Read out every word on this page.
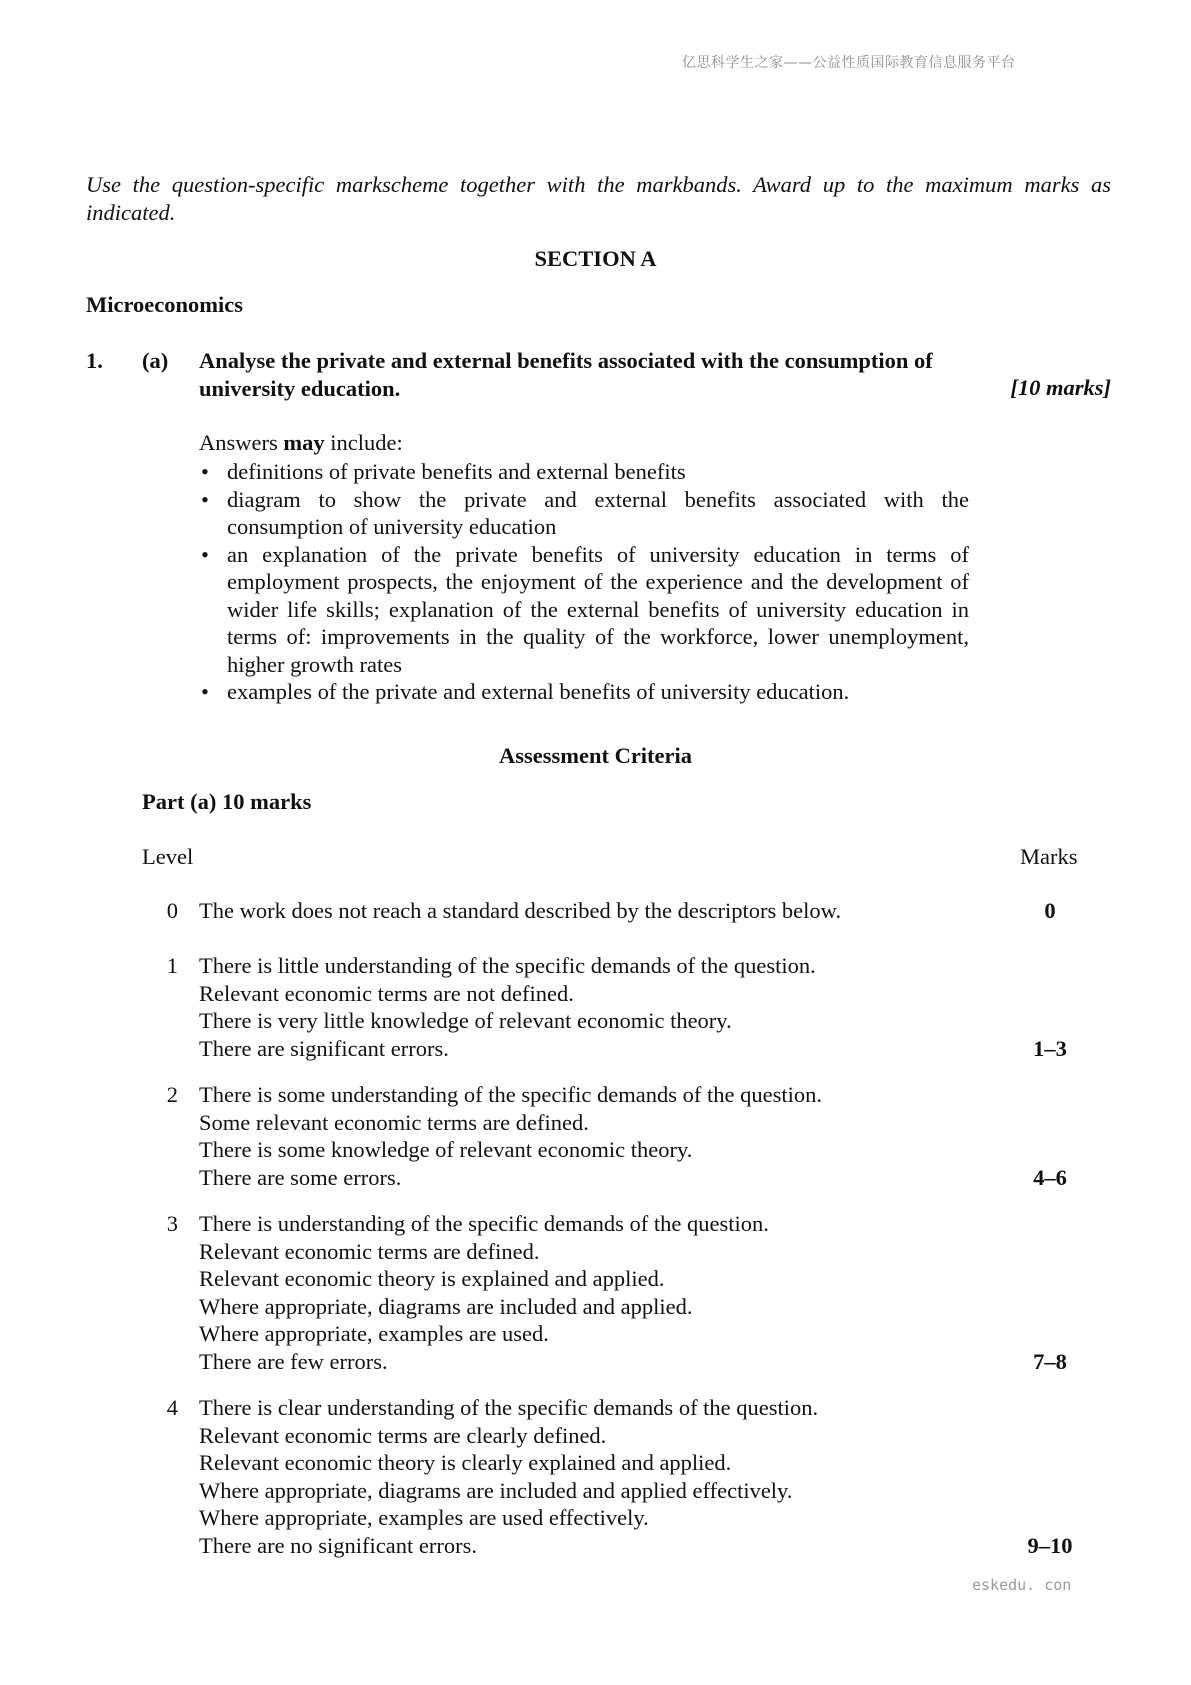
亿思科学生之家——公益性质国际教育信息服务平台

Use the question-specific markscheme together with the markbands. Award up to the maximum marks as indicated.

SECTION A
Microeconomics
1. (a) Analyse the private and external benefits associated with the consumption of university education.	[10 marks]
Answers may include:
• definitions of private benefits and external benefits
• diagram to show the private and external benefits associated with the consumption of university education
• an explanation of the private benefits of university education in terms of employment prospects, the enjoyment of the experience and the development of wider life skills; explanation of the external benefits of university education in terms of: improvements in the quality of the workforce, lower unemployment, higher growth rates
• examples of the private and external benefits of university education.
Assessment Criteria
Part (a) 10 marks
Level	Marks
0 The work does not reach a standard described by the descriptors below.	0
1 There is little understanding of the specific demands of the question.
Relevant economic terms are not defined.
There is very little knowledge of relevant economic theory.
There are significant errors.	1–3
2 There is some understanding of the specific demands of the question.
Some relevant economic terms are defined.
There is some knowledge of relevant economic theory.
There are some errors.	4–6
3 There is understanding of the specific demands of the question.
Relevant economic terms are defined.
Relevant economic theory is explained and applied.
Where appropriate, diagrams are included and applied.
Where appropriate, examples are used.
There are few errors.	7–8
4 There is clear understanding of the specific demands of the question.
Relevant economic terms are clearly defined.
Relevant economic theory is clearly explained and applied.
Where appropriate, diagrams are included and applied effectively.
Where appropriate, examples are used effectively.
There are no significant errors.	9–10
eskedu. con
